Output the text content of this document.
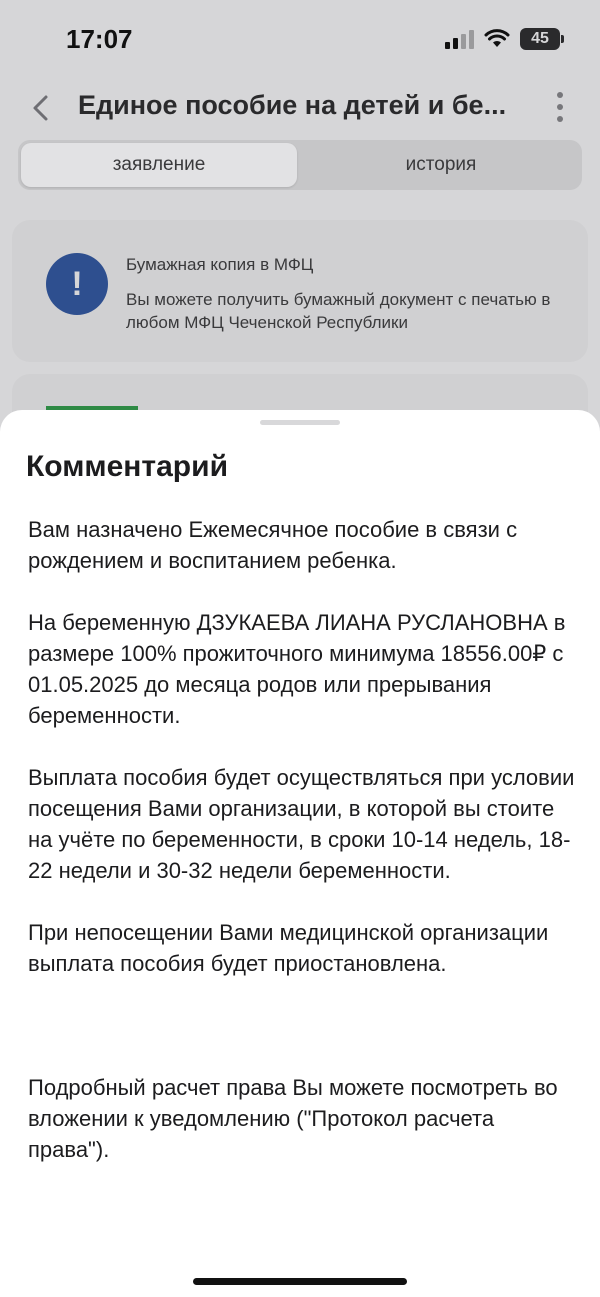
17:07	45
Единое пособие на детей и бе...
заявление	история
!	Бумажная копия в МФЦ
Вы можете получить бумажный документ с печатью в любом МФЦ Чеченской Республики
Комментарий

Вам назначено Ежемесячное пособие в связи с рождением и воспитанием ребенка.

На беременную ДЗУКАЕВА ЛИАНА РУСЛАНОВНА в размере 100% прожиточного минимума 18556.00₽ с 01.05.2025 до месяца родов или прерывания беременности.

Выплата пособия будет осуществляться при условии посещения Вами организации, в которой вы стоите на учёте по беременности, в сроки 10-14 недель, 18-22 недели и 30-32 недели беременности.

При непосещении Вами медицинской организации выплата пособия будет приостановлена.

Подробный расчет права Вы можете посмотреть во вложении к уведомлению ("Протокол расчета права").
